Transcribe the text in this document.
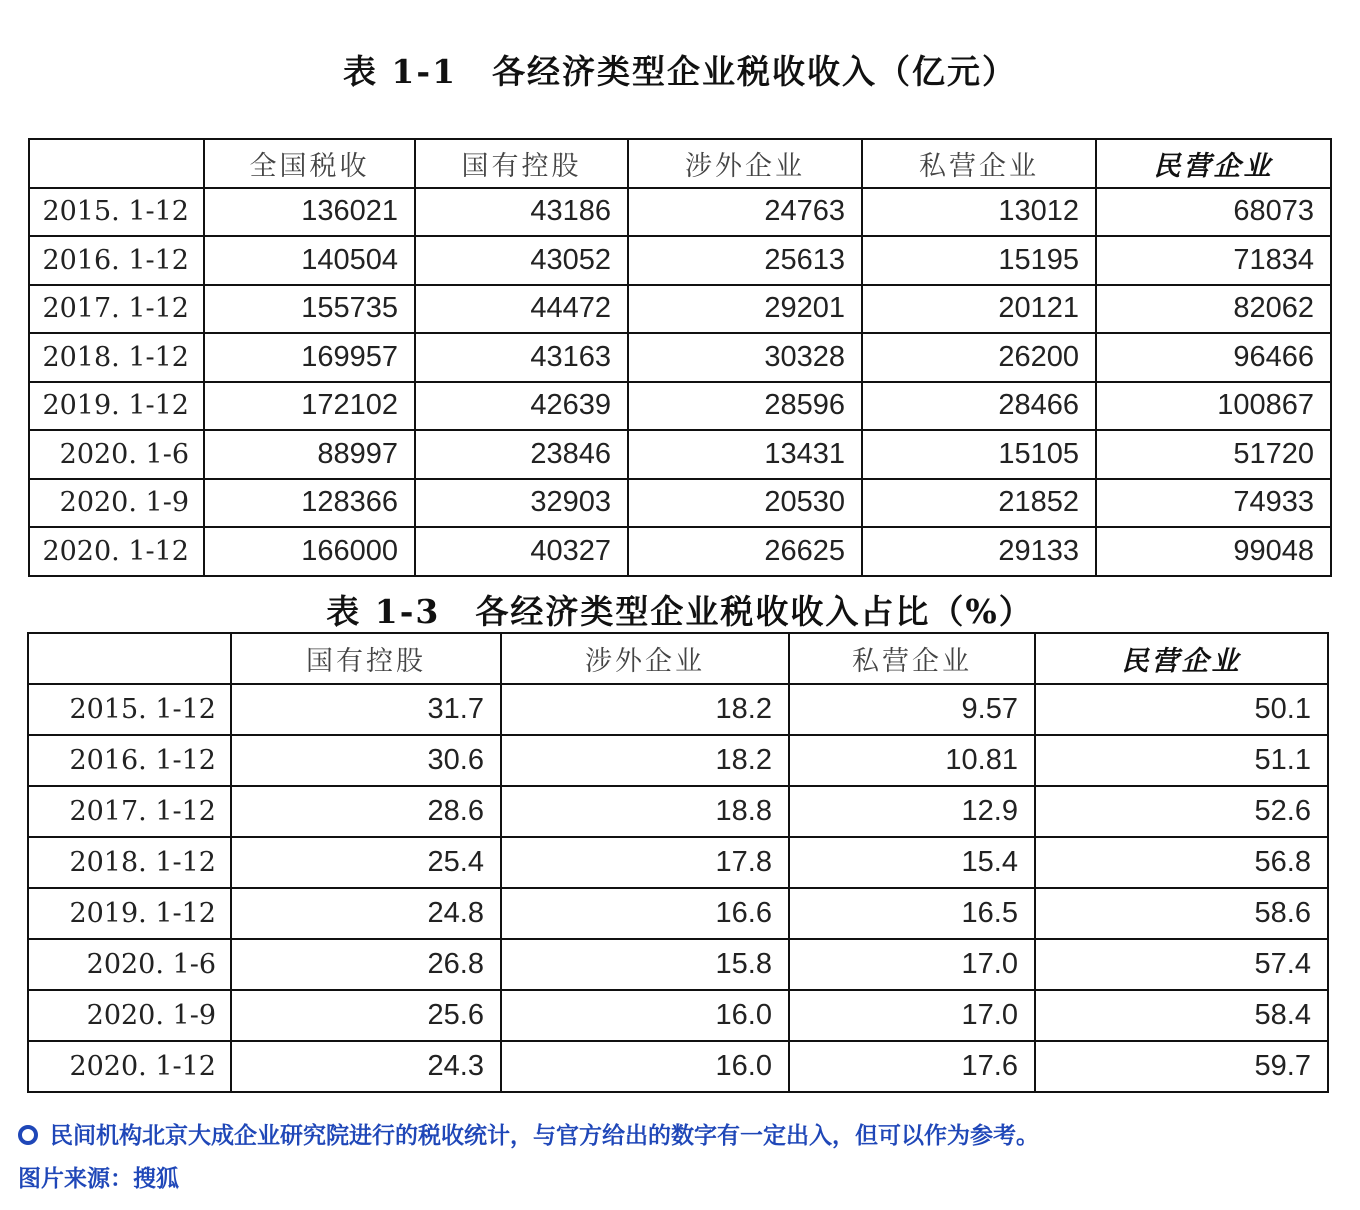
表 1-1　各经济类型企业税收收入（亿元）
	全国税收	国有控股	涉外企业	私营企业	民营企业
2015. 1-12	136021	43186	24763	13012	68073
2016. 1-12	140504	43052	25613	15195	71834
2017. 1-12	155735	44472	29201	20121	82062
2018. 1-12	169957	43163	30328	26200	96466
2019. 1-12	172102	42639	28596	28466	100867
2020. 1-6	88997	23846	13431	15105	51720
2020. 1-9	128366	32903	20530	21852	74933
2020. 1-12	166000	40327	26625	29133	99048
表 1-3　各经济类型企业税收收入占比（%）
	国有控股	涉外企业	私营企业	民营企业
2015. 1-12	31.7	18.2	9.57	50.1
2016. 1-12	30.6	18.2	10.81	51.1
2017. 1-12	28.6	18.8	12.9	52.6
2018. 1-12	25.4	17.8	15.4	56.8
2019. 1-12	24.8	16.6	16.5	58.6
2020. 1-6	26.8	15.8	17.0	57.4
2020. 1-9	25.6	16.0	17.0	58.4
2020. 1-12	24.3	16.0	17.6	59.7
民间机构北京大成企业研究院进行的税收统计，与官方给出的数字有一定出入，但可以作为参考。
图片来源：搜狐
